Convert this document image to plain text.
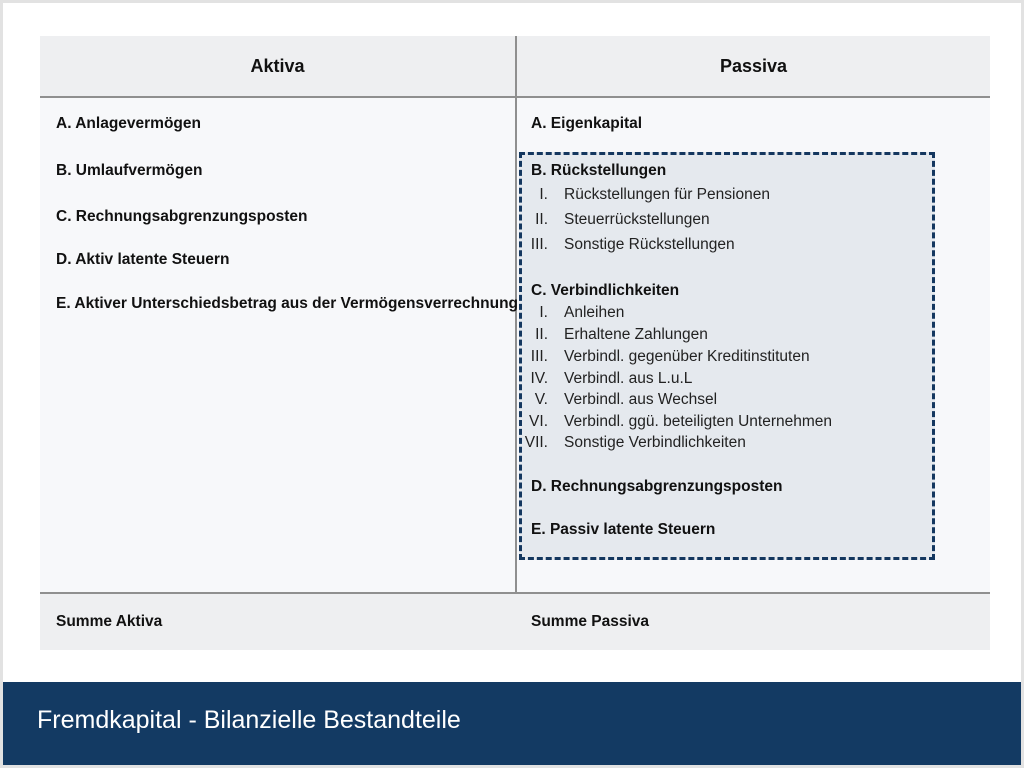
Aktiva	Passiva
A. Anlagevermögen
B. Umlaufvermögen
C. Rechnungsabgrenzungsposten
D. Aktiv latente Steuern
E. Aktiver Unterschiedsbetrag aus der Vermögensverrechnung
A. Eigenkapital
B. Rückstellungen
I. Rückstellungen für Pensionen
II. Steuerrückstellungen
III. Sonstige Rückstellungen
C. Verbindlichkeiten
I. Anleihen
II. Erhaltene Zahlungen
III. Verbindl. gegenüber Kreditinstituten
IV. Verbindl. aus L.u.L
V. Verbindl. aus Wechsel
VI. Verbindl. ggü. beteiligten Unternehmen
VII. Sonstige Verbindlichkeiten
D. Rechnungsabgrenzungsposten
E. Passiv latente Steuern
Summe Aktiva	Summe Passiva
Fremdkapital - Bilanzielle Bestandteile
